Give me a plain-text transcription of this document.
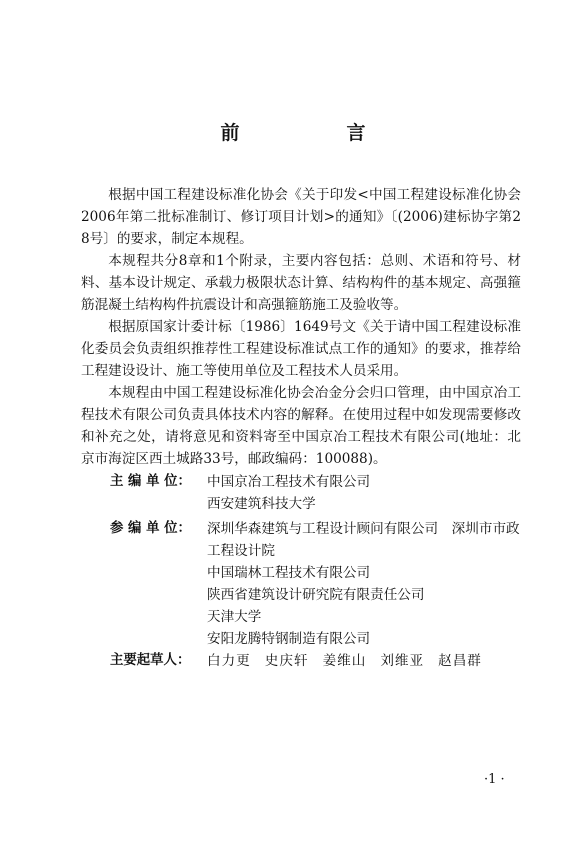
前　言

根据中国工程建设标准化协会《关于印发<中国工程建设标准化协会2006年第二批标准制订、修订项目计划>的通知》〔(2006)建标协字第28号〕的要求，制定本规程。

本规程共分8章和1个附录，主要内容包括：总则、术语和符号、材料、基本设计规定、承载力极限状态计算、结构构件的基本规定、高强箍筋混凝土结构构件抗震设计和高强箍筋施工及验收等。

根据原国家计委计标〔1986〕1649号文《关于请中国工程建设标准化委员会负责组织推荐性工程建设标准试点工作的通知》的要求，推荐给工程建设设计、施工等使用单位及工程技术人员采用。

本规程由中国工程建设标准化协会冶金分会归口管理，由中国京冶工程技术有限公司负责具体技术内容的解释。在使用过程中如发现需要修改和补充之处，请将意见和资料寄至中国京冶工程技术有限公司(地址：北京市海淀区西土城路33号，邮政编码：100088)。

主 编 单 位：	中国京冶工程技术有限公司
西安建筑科技大学
参 编 单 位：	深圳华森建筑与工程设计顾问有限公司　深圳市市政工程设计院
中国瑞林工程技术有限公司
陕西省建筑设计研究院有限责任公司
天津大学
安阳龙腾特钢制造有限公司
主要起草人：	白力更 史庆轩 姜维山 刘维亚 赵昌群
·1 ·
